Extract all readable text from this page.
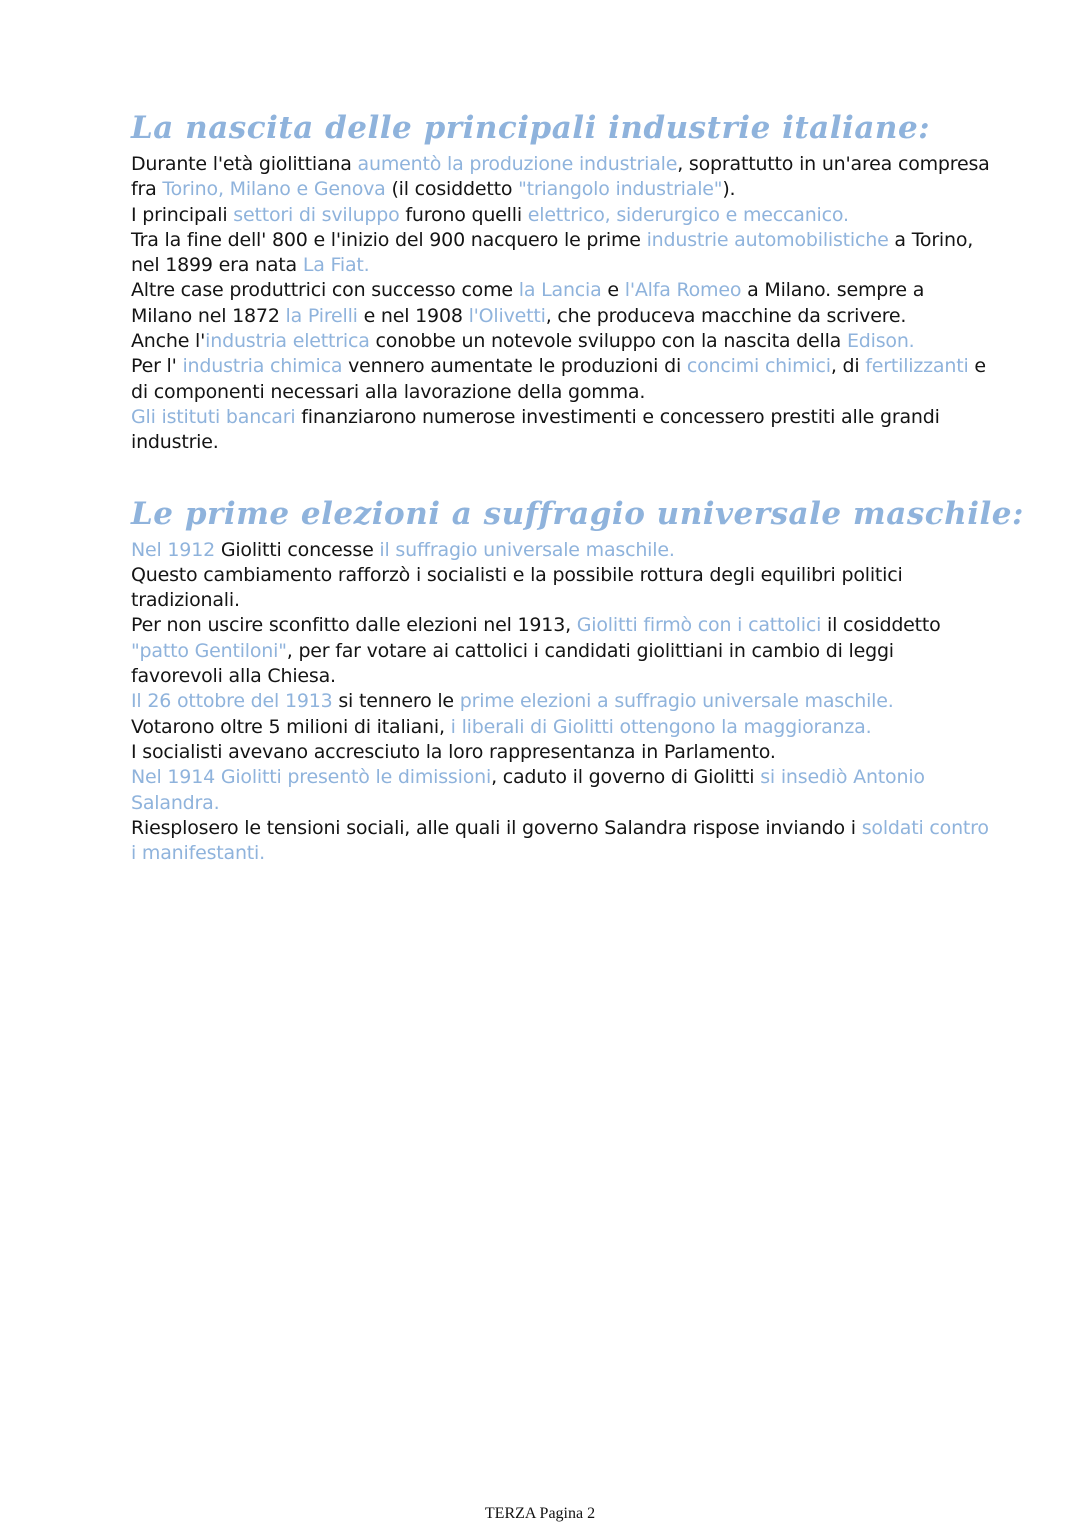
La nascita delle principali industrie italiane:

Durante l'età giolittiana aumentò la produzione industriale, soprattutto in un'area compresa fra Torino, Milano e Genova (il cosiddetto "triangolo industriale").

I principali settori di sviluppo furono quelli elettrico, siderurgico e meccanico.

Tra la fine dell' 800 e l'inizio del 900 nacquero le prime industrie automobilistiche a Torino, nel 1899 era nata La Fiat.

Altre case produttrici con successo come la Lancia e l'Alfa Romeo a Milano. sempre a Milano nel 1872 la Pirelli e nel 1908 l'Olivetti, che produceva macchine da scrivere.

Anche l'industria elettrica conobbe un notevole sviluppo con la nascita della Edison.

Per l' industria chimica vennero aumentate le produzioni di concimi chimici, di fertilizzanti e di componenti necessari alla lavorazione della gomma.

Gli istituti bancari finanziarono numerose investimenti e concessero prestiti alle grandi industrie.

Le prime elezioni a suffragio universale maschile:

Nel 1912 Giolitti concesse il suffragio universale maschile.

Questo cambiamento rafforzò i socialisti e la possibile rottura degli equilibri politici tradizionali.

Per non uscire sconfitto dalle elezioni nel 1913, Giolitti firmò con i cattolici il cosiddetto "patto Gentiloni", per far votare ai cattolici i candidati giolittiani in cambio di leggi favorevoli alla Chiesa.

Il 26 ottobre del 1913 si tennero le prime elezioni a suffragio universale maschile.

Votarono oltre 5 milioni di italiani, i liberali di Giolitti ottengono la maggioranza.

I socialisti avevano accresciuto la loro rappresentanza in Parlamento.

Nel 1914 Giolitti presentò le dimissioni, caduto il governo di Giolitti si insediò Antonio Salandra.

Riesplosero le tensioni sociali, alle quali il governo Salandra rispose inviando i soldati contro i manifestanti.

TERZA Pagina 2
